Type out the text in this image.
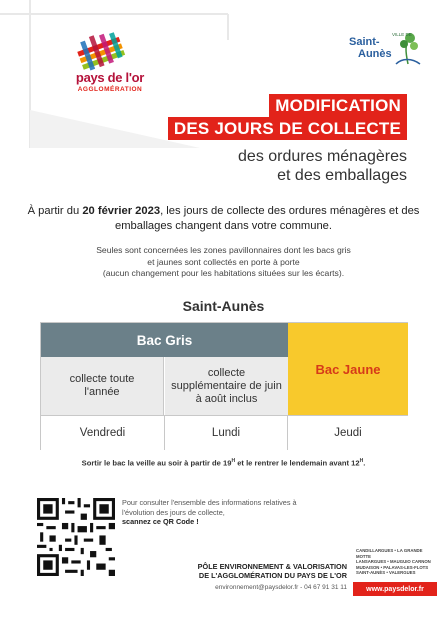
pays de l'or
AGGLOMÉRATION
VILLE DE
Saint-
Aunès
MODIFICATION
DES JOURS DE COLLECTE
des ordures ménagères
et des emballages

À partir du 20 février 2023, les jours de collecte des ordures ménagères et des emballages changent dans votre commune.

Seules sont concernées les zones pavillonnaires dont les bacs gris
et jaunes sont collectés en porte à porte
(aucun changement pour les habitations situées sur les écarts).
Saint-Aunès
Bac Gris
Bac Jaune
collecte toute l'année
collecte supplémentaire de juin à août inclus
Vendredi	Lundi	Jeudi
Sortir le bac la veille au soir à partir de $19^H$ et le rentrer le lendemain avant $12^H$.
Pour consulter l'ensemble des informations relatives à l'évolution des jours de collecte,
scannez ce QR Code !
PÔLE ENVIRONNEMENT & VALORISATION
DE L'AGGLOMÉRATION DU PAYS DE L'OR
environnement@paysdelor.fr - 04 67 91 31 11
CANDILLARGUES • LA GRANDE MOTTE
LANSARGUES • MAUGUIO CARNON
MUDAISON • PALAVAS-LES-FLOTS
SAINT-AUNÈS • VALERGUES
www.paysdelor.fr
